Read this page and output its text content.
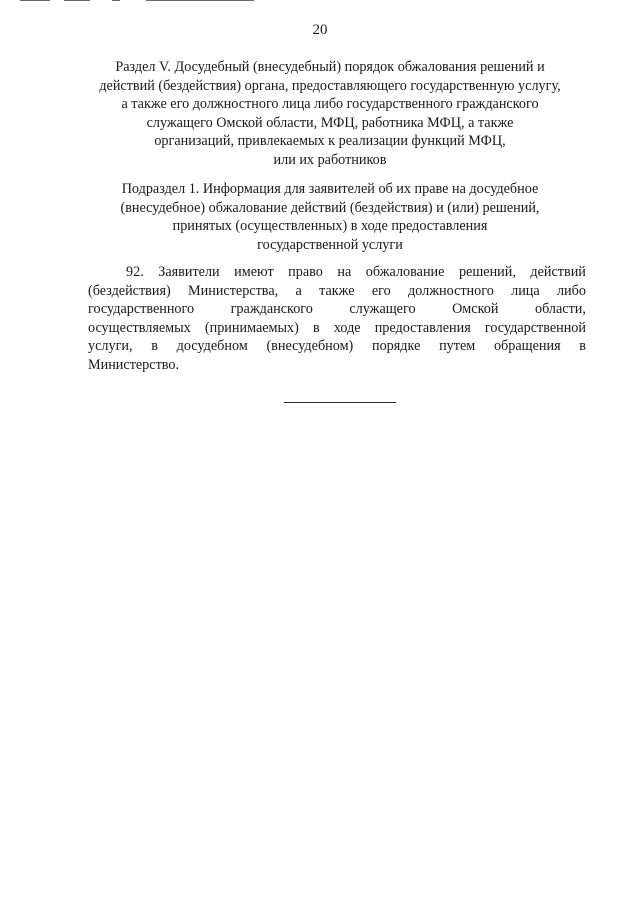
20
Раздел V. Досудебный (внесудебный) порядок обжалования решений и
действий (бездействия) органа, предоставляющего государственную услугу,
а также его должностного лица либо государственного гражданского
служащего Омской области, МФЦ, работника МФЦ, а также
организаций, привлекаемых к реализации функций МФЦ,
или их работников
Подраздел 1. Информация для заявителей об их праве на досудебное
(внесудебное) обжалование действий (бездействия) и (или) решений,
принятых (осуществленных) в ходе предоставления
государственной услуги
92. Заявители имеют право на обжалование решений, действий
(бездействия) Министерства, а также его должностного лица либо
государственного	гражданского	служащего	Омской	области,
осуществляемых (принимаемых) в ходе предоставления государственной
услуги, в досудебном (внесудебном) порядке путем обращения в
Министерство.
